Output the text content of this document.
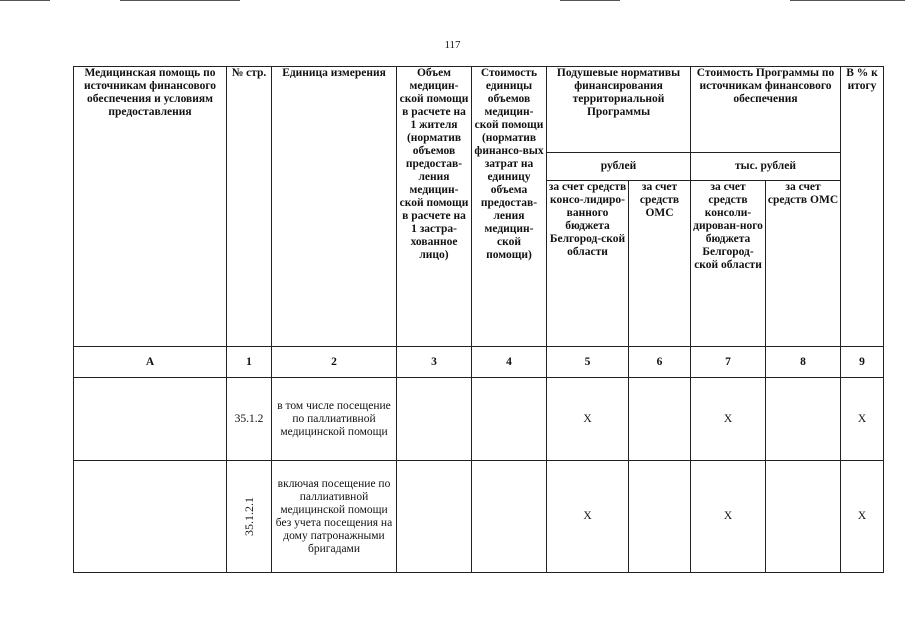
117
Медицинская помощь по источникам финансового обеспечения и условиям предоставления	№ стр.	Единица измерения	Объем медицин-ской помощи в расчете на 1 жителя (норматив объемов предостав-ления медицин-ской помощи в расчете на 1 застра-хованное лицо)	Стоимость единицы объемов медицин-ской помощи (норматив финансо-вых затрат на единицу объема предостав-ления медицин-ской помощи)	Подушевые нормативы финансирования территориальной Программы		Стоимость Программы по источникам финансового обеспечения		В % к итогу
					рублей		тыс. рублей		
					за счет средств консо-лидиро-ванного бюджета Белгород-ской области	за счет средств ОМС	за счет средств консоли-дирован-ного бюджета Белгород-ской области	за счет средств ОМС	
А	1	2	3	4	5	6	7	8	9
	35.1.2	в том числе посещение по паллиативной медицинской помощи			Х		Х		Х
	35.1.2.1	включая посещение по паллиативной медицинской помощи без учета посещения на дому патронажными бригадами			Х		Х		Х
